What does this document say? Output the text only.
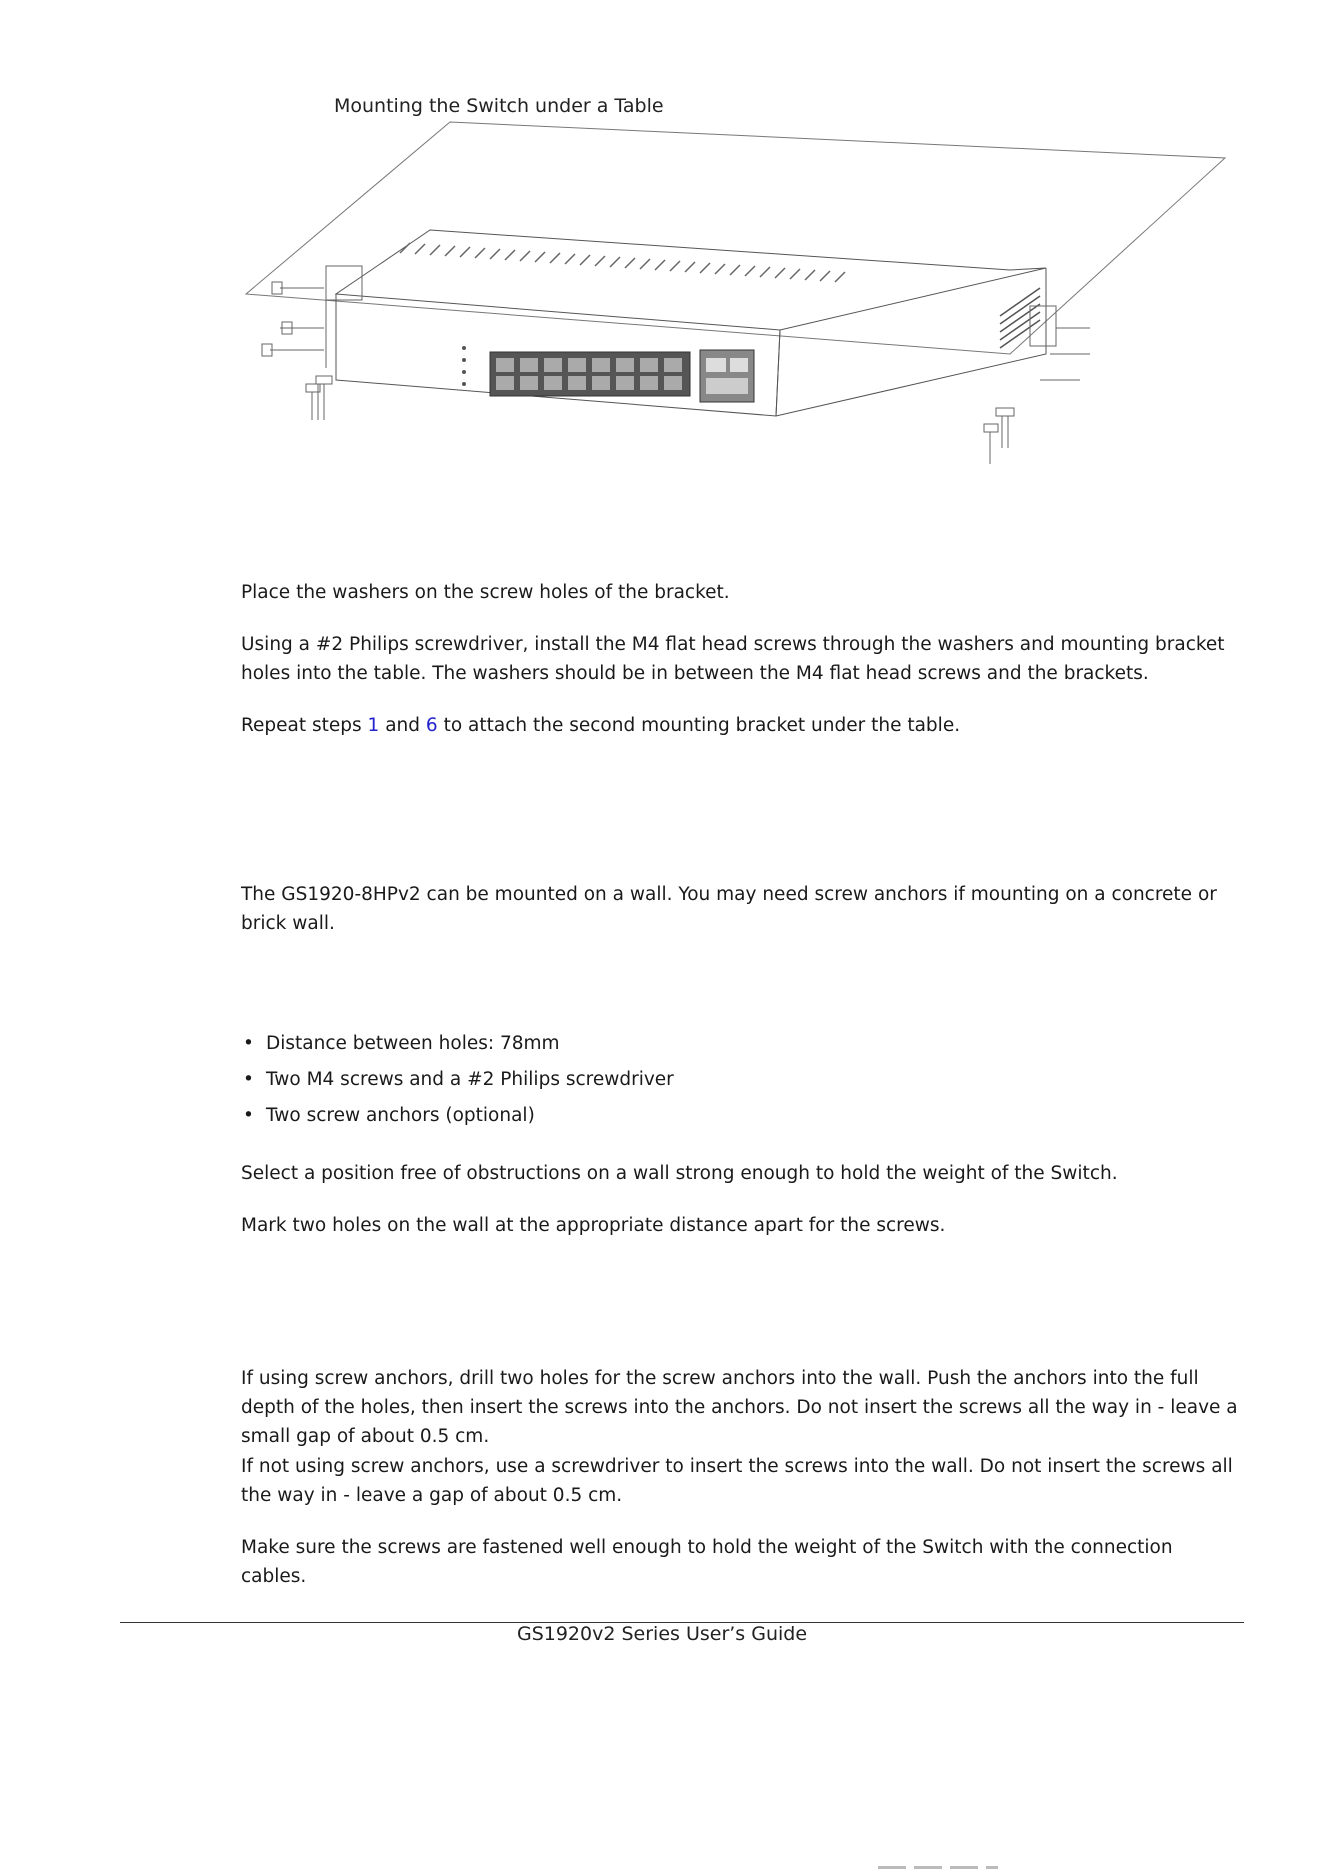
Mounting the Switch under a Table

Place the washers on the screw holes of the bracket.

Using a #2 Philips screwdriver, install the M4 flat head screws through the washers and mounting bracket holes into the table. The washers should be in between the M4 flat head screws and the brackets.

Repeat steps 1 and 6 to attach the second mounting bracket under the table.

The GS1920-8HPv2 can be mounted on a wall. You may need screw anchors if mounting on a concrete or brick wall.

• Distance between holes: 78mm
• Two M4 screws and a #2 Philips screwdriver
• Two screw anchors (optional)

Select a position free of obstructions on a wall strong enough to hold the weight of the Switch.

Mark two holes on the wall at the appropriate distance apart for the screws.

If using screw anchors, drill two holes for the screw anchors into the wall. Push the anchors into the full depth of the holes, then insert the screws into the anchors. Do not insert the screws all the way in - leave a small gap of about 0.5 cm.

If not using screw anchors, use a screwdriver to insert the screws into the wall. Do not insert the screws all the way in - leave a gap of about 0.5 cm.

Make sure the screws are fastened well enough to hold the weight of the Switch with the connection cables.

GS1920v2 Series User’s Guide
